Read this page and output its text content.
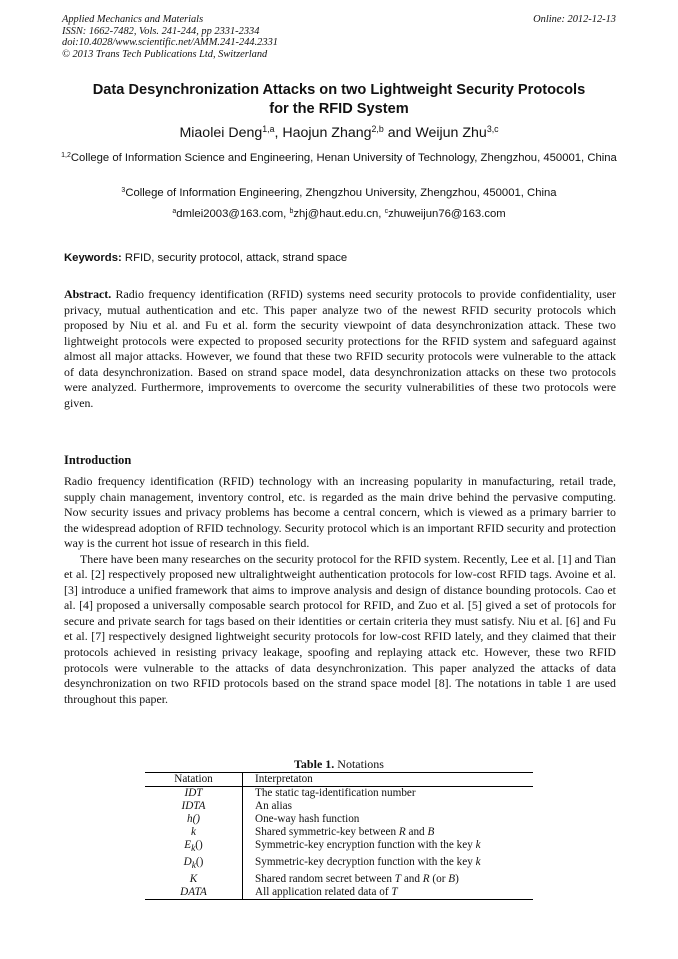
Applied Mechanics and Materials
ISSN: 1662-7482, Vols. 241-244, pp 2331-2334
doi:10.4028/www.scientific.net/AMM.241-244.2331
© 2013 Trans Tech Publications Ltd, Switzerland
Online: 2012-12-13
Data Desynchronization Attacks on two Lightweight Security Protocols
for the RFID System
Miaolei Deng$^{1,a}$, Haojun Zhang$^{2,b}$ and Weijun Zhu$^{3,c}$
$^{1,2}$College of Information Science and Engineering, Henan University of Technology, Zhengzhou, 450001, China
$^3$College of Information Engineering, Zhengzhou University, Zhengzhou, 450001, China
$^a$dmlei2003@163.com, $^b$zhj@haut.edu.cn, $^c$zhuweijun76@163.com
Keywords: RFID, security protocol, attack, strand space
Abstract. Radio frequency identification (RFID) systems need security protocols to provide confidentiality, user privacy, mutual authentication and etc. This paper analyze two of the newest RFID security protocols which proposed by Niu et al. and Fu et al. form the security viewpoint of data desynchronization attack. These two lightweight protocols were expected to proposed security protections for the RFID system and safeguard against almost all major attacks. However, we found that these two RFID security protocols were vulnerable to the attack of data desynchronization. Based on strand space model, data desynchronization attacks on these two protocols were analyzed. Furthermore, improvements to overcome the security vulnerabilities of these two protocols were given.
Introduction

Radio frequency identification (RFID) technology with an increasing popularity in manufacturing, retail trade, supply chain management, inventory control, etc. is regarded as the main drive behind the pervasive computing. Now security issues and privacy problems has become a central concern, which is viewed as a primary barrier to the widespread adoption of RFID technology. Security protocol which is an important RFID security and protection way is the current hot issue of research in this field.

There have been many researches on the security protocol for the RFID system. Recently, Lee et al. [1] and Tian et al. [2] respectively proposed new ultralightweight authentication protocols for low-cost RFID tags. Avoine et al. [3] introduce a unified framework that aims to improve analysis and design of distance bounding protocols. Cao et al. [4] proposed a universally composable search protocol for RFID, and Zuo et al. [5] gived a set of protocols for secure and private search for tags based on their identities or certain criteria they must satisfy. Niu et al. [6] and Fu et al. [7] respectively designed lightweight security protocols for low-cost RFID lately, and they claimed that their protocols achieved in resisting privacy leakage, spoofing and replaying attack etc. However, these two RFID protocols were vulnerable to the attacks of data desynchronization. This paper analyzed the attacks of data desynchronization on two RFID protocols based on the strand space model [8]. The notations in table 1 are used throughout this paper.

Table 1. Notations
Natation	Interpretaton
IDT	The static tag-identification number
IDTA	An alias
h()	One-way hash function
k	Shared symmetric-key between R and B
$E_k()$	Symmetric-key encryption function with the key k
$D_k()$	Symmetric-key decryption function with the key k
K	Shared random secret between T and R (or B)
DATA	All application related data of T
